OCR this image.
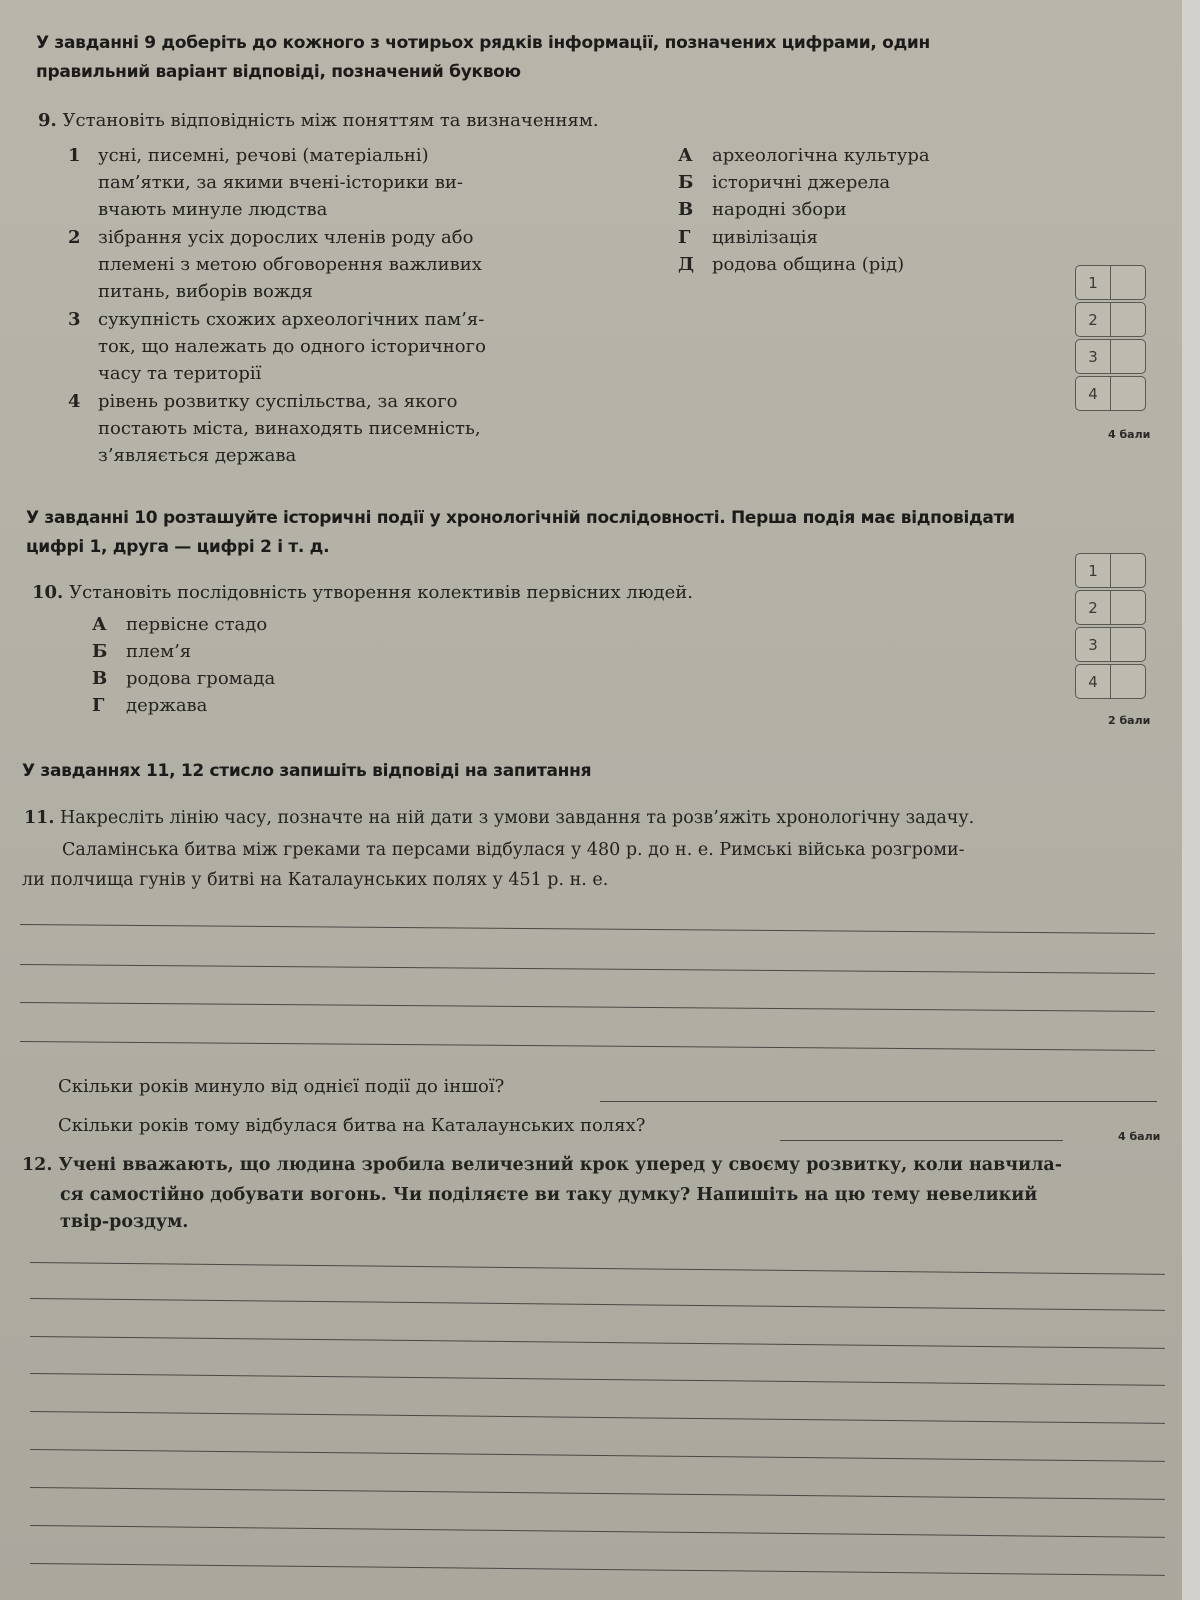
У завданні 9 доберіть до кожного з чотирьох рядків інформації, позначених цифрами, один
правильний варіант відповіді, позначений буквою
9. Установіть відповідність між поняттям та визначенням.
1 усні, писемні, речові (матеріальні)
пам’ятки, за якими вчені-історики ви-
вчають минуле людства
2 зібрання усіх дорослих членів роду або
племені з метою обговорення важливих
питань, виборів вождя
3 сукупність схожих археологічних пам’я-
ток, що належать до одного історичного
часу та території
4 рівень розвитку суспільства, за якого
постають міста, винаходять писемність,
з’являється держава
А археологічна культура
Б історичні джерела
В народні збори
Г цивілізація
Д родова община (рід)
1
2
3
4
4 бали
У завданні 10 розташуйте історичні події у хронологічній послідовності. Перша подія має відповідати
цифрі 1, друга — цифрі 2 і т. д.
10. Установіть послідовність утворення колективів первісних людей.
А первісне стадо
Б плем’я
В родова громада
Г держава
1
2
3
4
2 бали
У завданнях 11, 12 стисло запишіть відповіді на запитання
11. Накресліть лінію часу, позначте на ній дати з умови завдання та розв’яжіть хронологічну задачу.
Саламінська битва між греками та персами відбулася у 480 р. до н. е. Римські війська розгроми-
ли полчища гунів у битві на Каталаунських полях у 451 р. н. е.
Скільки років минуло від однієї події до іншої?
Скільки років тому відбулася битва на Каталаунських полях?
4 бали
12. Учені вважають, що людина зробила величезний крок уперед у своєму розвитку, коли навчила-
ся самостійно добувати вогонь. Чи поділяєте ви таку думку? Напишіть на цю тему невеликий
твір-роздум.
